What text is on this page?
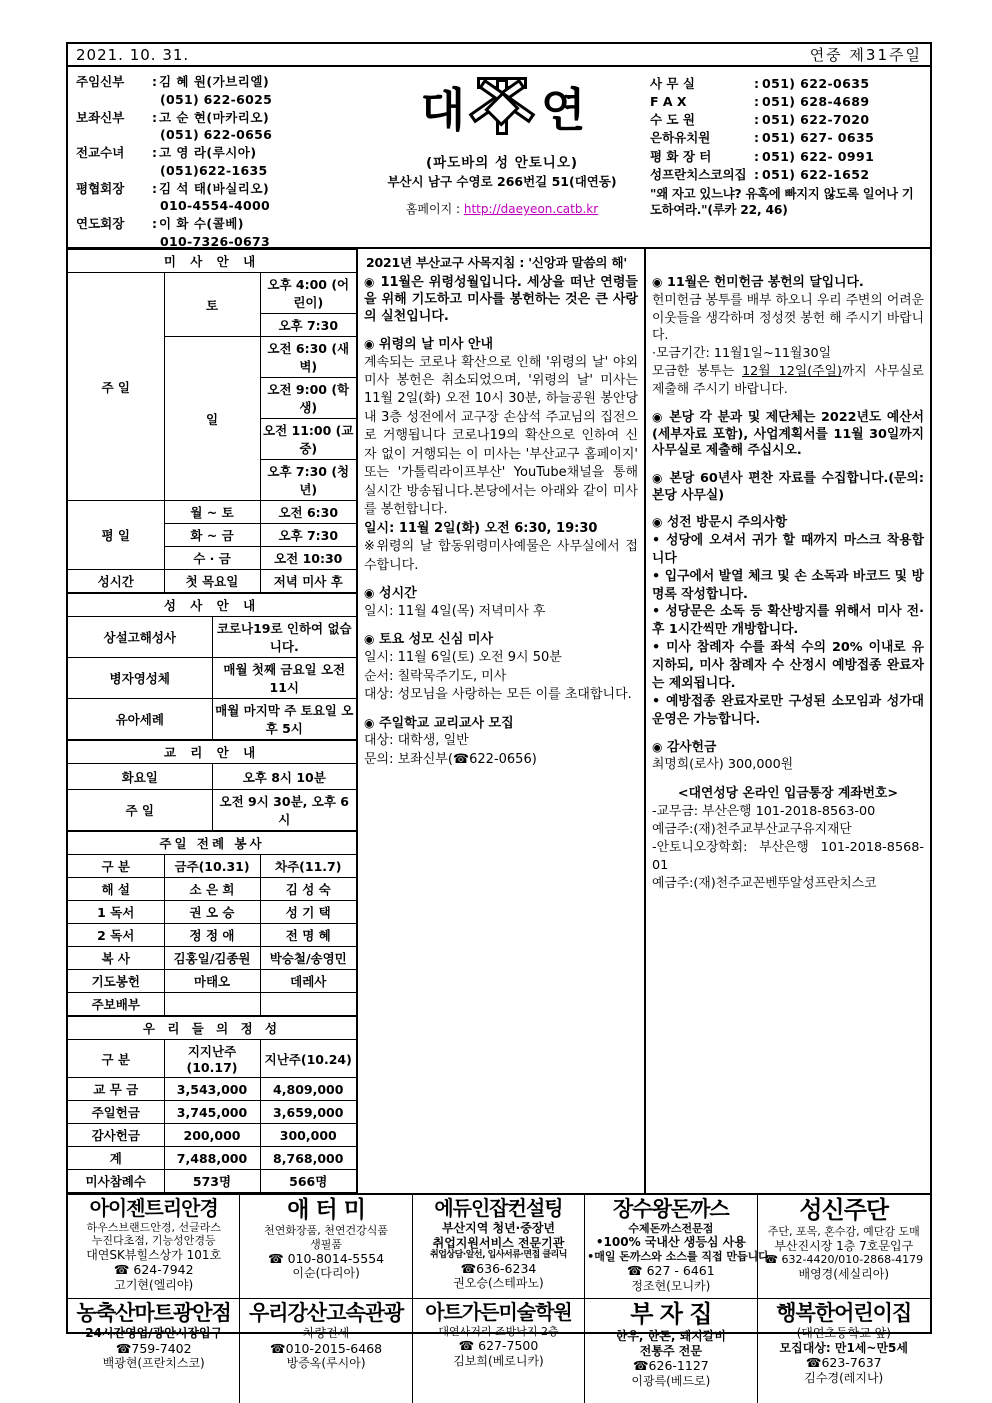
2021. 10. 31.	연중 제31주일
주임신부	: 김 혜 원(가브리엘)
(051) 622-6025
보좌신부	: 고 순 현(마카리오)
(051) 622-0656
전교수녀	: 고 영 라(루시아)
(051)622-1635
평협회장	: 김 석 태(바실리오)
010-4554-4000
연도회장	: 이 화 수(콜베)
010-7326-0673
대 연
(파도바의 성 안토니오)
부산시 남구 수영로 266번길 51(대연동)
홈페이지 : http://daeyeon.catb.kr
사 무 실	: 051) 622-0635
F A X	: 051) 628-4689
수 도 원	: 051) 622-7020
은하유치원	: 051) 627- 0635
평 화 장 터	: 051) 622- 0991
성프란치스코의집 : 051) 622-1652
"왜 자고 있느냐? 유혹에 빠지지 않도록 일어나 기도하여라."(루카 22, 46)
미 사 안 내		
주 일	토	오후 4:00 (어린이)
		오후 7:30
	일	오전 6:30 (새벽)
		오전 9:00 (학생)
		오전 11:00 (교중)
		오후 7:30 (청년)
평 일	월 ~ 토	오전 6:30
	화 ~ 금	오후 7:30
	수 · 금	오전 10:30
성시간	첫 목요일	저녁 미사 후
성 사 안 내	
상설고해성사	코로나19로 인하여 없습니다.
병자영성체	매월 첫째 금요일 오전 11시
유아세례	매월 마지막 주 토요일 오후 5시
교 리 안 내	
화요일	오후 8시 10분
주 일	오전 9시 30분, 오후 6시
주일 전례 봉사		
구 분	금주(10.31)	차주(11.7)
해 설	소 은 희	김 성 숙
1 독서	권 오 승	성 기 택
2 독서	정 정 애	전 명 혜
복 사	김홍일/김종원	박승철/송영민
기도봉헌	마태오	데레사
주보배부		
우 리 들 의 정 성		
구 분	지지난주(10.17)	지난주(10.24)
교 무 금	3,543,000	4,809,000
주일헌금	3,745,000	3,659,000
감사헌금	200,000	300,000
계	7,488,000	8,768,000
미사참례수	573명	566명
2021년 부산교구 사목지침 : '신앙과 말씀의 해'
◉ 11월은 위령성월입니다. 세상을 떠난 연령들을 위해 기도하고 미사를 봉헌하는 것은 큰 사랑의 실천입니다.
◉ 위령의 날 미사 안내

계속되는 코로나 확산으로 인해 '위령의 날' 야외미사 봉헌은 취소되었으며, '위령의 날' 미사는 11월 2일(화) 오전 10시 30분, 하늘공원 봉안당 내 3층 성전에서 교구장 손삼석 주교님의 집전으로 거행됩니다 코로나19의 확산으로 인하여 신자 없이 거행되는 이 미사는 '부산교구 홈페이지' 또는 '가톨릭라이프부산' YouTube채널을 통해 실시간 방송됩니다.본당에서는 아래와 같이 미사를 봉헌합니다.

일시: 11월 2일(화) 오전 6:30, 19:30

※위령의 날 합동위령미사예물은 사무실에서 접수합니다.

◉ 성시간

일시: 11월 4일(목) 저녁미사 후

◉ 토요 성모 신심 미사

일시: 11월 6일(토) 오전 9시 50분

순서: 칠락묵주기도, 미사

대상: 성모님을 사랑하는 모든 이를 초대합니다.

◉ 주일학교 교리교사 모집

대상: 대학생, 일반

문의: 보좌신부(☎622-0656)

◉ 11월은 헌미헌금 봉헌의 달입니다.

헌미헌금 봉투를 배부 하오니 우리 주변의 어려운 이웃들을 생각하며 정성껏 봉헌 해 주시기 바랍니다.

·모금기간: 11월1일~11월30일

모금한 봉투는 12월 12일(주일)까지 사무실로 제출해 주시기 바랍니다.

◉ 본당 각 분과 및 제단체는 2022년도 예산서(세부자료 포함), 사업계획서를 11월 30일까지 사무실로 제출해 주십시오.
◉ 본당 60년사 편찬 자료를 수집합니다.(문의: 본당 사무실)
◉ 성전 방문시 주의사항

• 성당에 오셔서 귀가 할 때까지 마스크 착용합니다

• 입구에서 발열 체크 및 손 소독과 바코드 및 방명록 작성합니다.

• 성당문은 소독 등 확산방지를 위해서 미사 전·후 1시간씩만 개방합니다.

• 미사 참례자 수를 좌석 수의 20% 이내로 유지하되, 미사 참례자 수 산정시 예방접종 완료자는 제외됩니다.

• 예방접종 완료자로만 구성된 소모임과 성가대 운영은 가능합니다.

◉ 감사헌금

최명희(로사) 300,000원

<대연성당 온라인 입금통장 계좌번호>

-교무금: 부산은행 101-2018-8563-00

예금주:(재)천주교부산교구유지재단

-안토니오장학회: 부산은행 101-2018-8568-01

예금주:(재)천주교꼰벤뚜알성프란치스코

아이젠트리안경
하우스브랜드안경, 선글라스
누진다초점, 기능성안경등
대연SK뷰힐스상가 101호
☎ 624-7942
고기현(엘리야)
애 터 미
천연화장품, 천연건강식품
생필품
☎ 010-8014-5554
이순(다리아)
에듀인잡컨설팅
부산지역 청년·중장년
취업지원서비스 전문기관
취업상담·알선, 입사서류·면접 클리닉
☎636-6234
권오승(스테파노)
장수왕돈까스
수제돈까스전문점
•100% 국내산 생등심 사용
•매일 돈까스와 소스를 직접 만듭니다.
☎ 627 - 6461
정조현(모니카)
성신주단
주단, 포목, 혼수감, 예단감 도매
부산진시장 1층 7호문입구
☎ 632-4420/010-2868-4179
배영경(세실리아)
농축산마트광안점
24시간영업/광안시장입구
☎759-7402
백광현(프란치스코)
우리강산고속관광
차량전세
☎010-2015-6468
방증옥(루시아)
아트가든미술학원
대연사거리 조방낙지 2층
☎ 627-7500
김보희(베로니카)
부 자 집
한우, 한돈, 돼지갈비
전통주 전문
☎626-1127
이광륵(베드로)
행복한어린이집
(대연초등학교 앞)
모집대상: 만1세~만5세
☎623-7637
김수경(레지나)
